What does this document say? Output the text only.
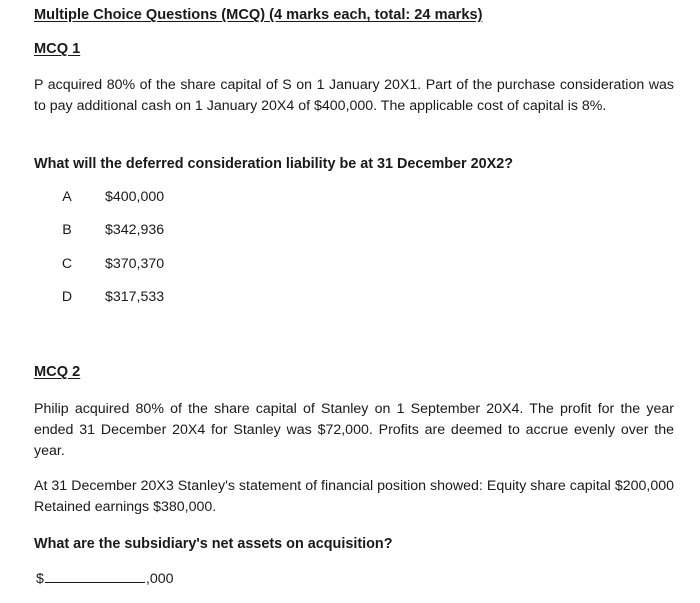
Multiple Choice Questions (MCQ) (4 marks each, total: 24 marks)
MCQ 1
P acquired 80% of the share capital of S on 1 January 20X1. Part of the purchase consideration was to pay additional cash on 1 January 20X4 of $400,000. The applicable cost of capital is 8%.
What will the deferred consideration liability be at 31 December 20X2?
A $400,000
B $342,936
C $370,370
D $317,533
MCQ 2
Philip acquired 80% of the share capital of Stanley on 1 September 20X4. The profit for the year ended 31 December 20X4 for Stanley was $72,000. Profits are deemed to accrue evenly over the year.
At 31 December 20X3 Stanley's statement of financial position showed: Equity share capital $200,000 Retained earnings $380,000.
What are the subsidiary's net assets on acquisition?
$	,000
